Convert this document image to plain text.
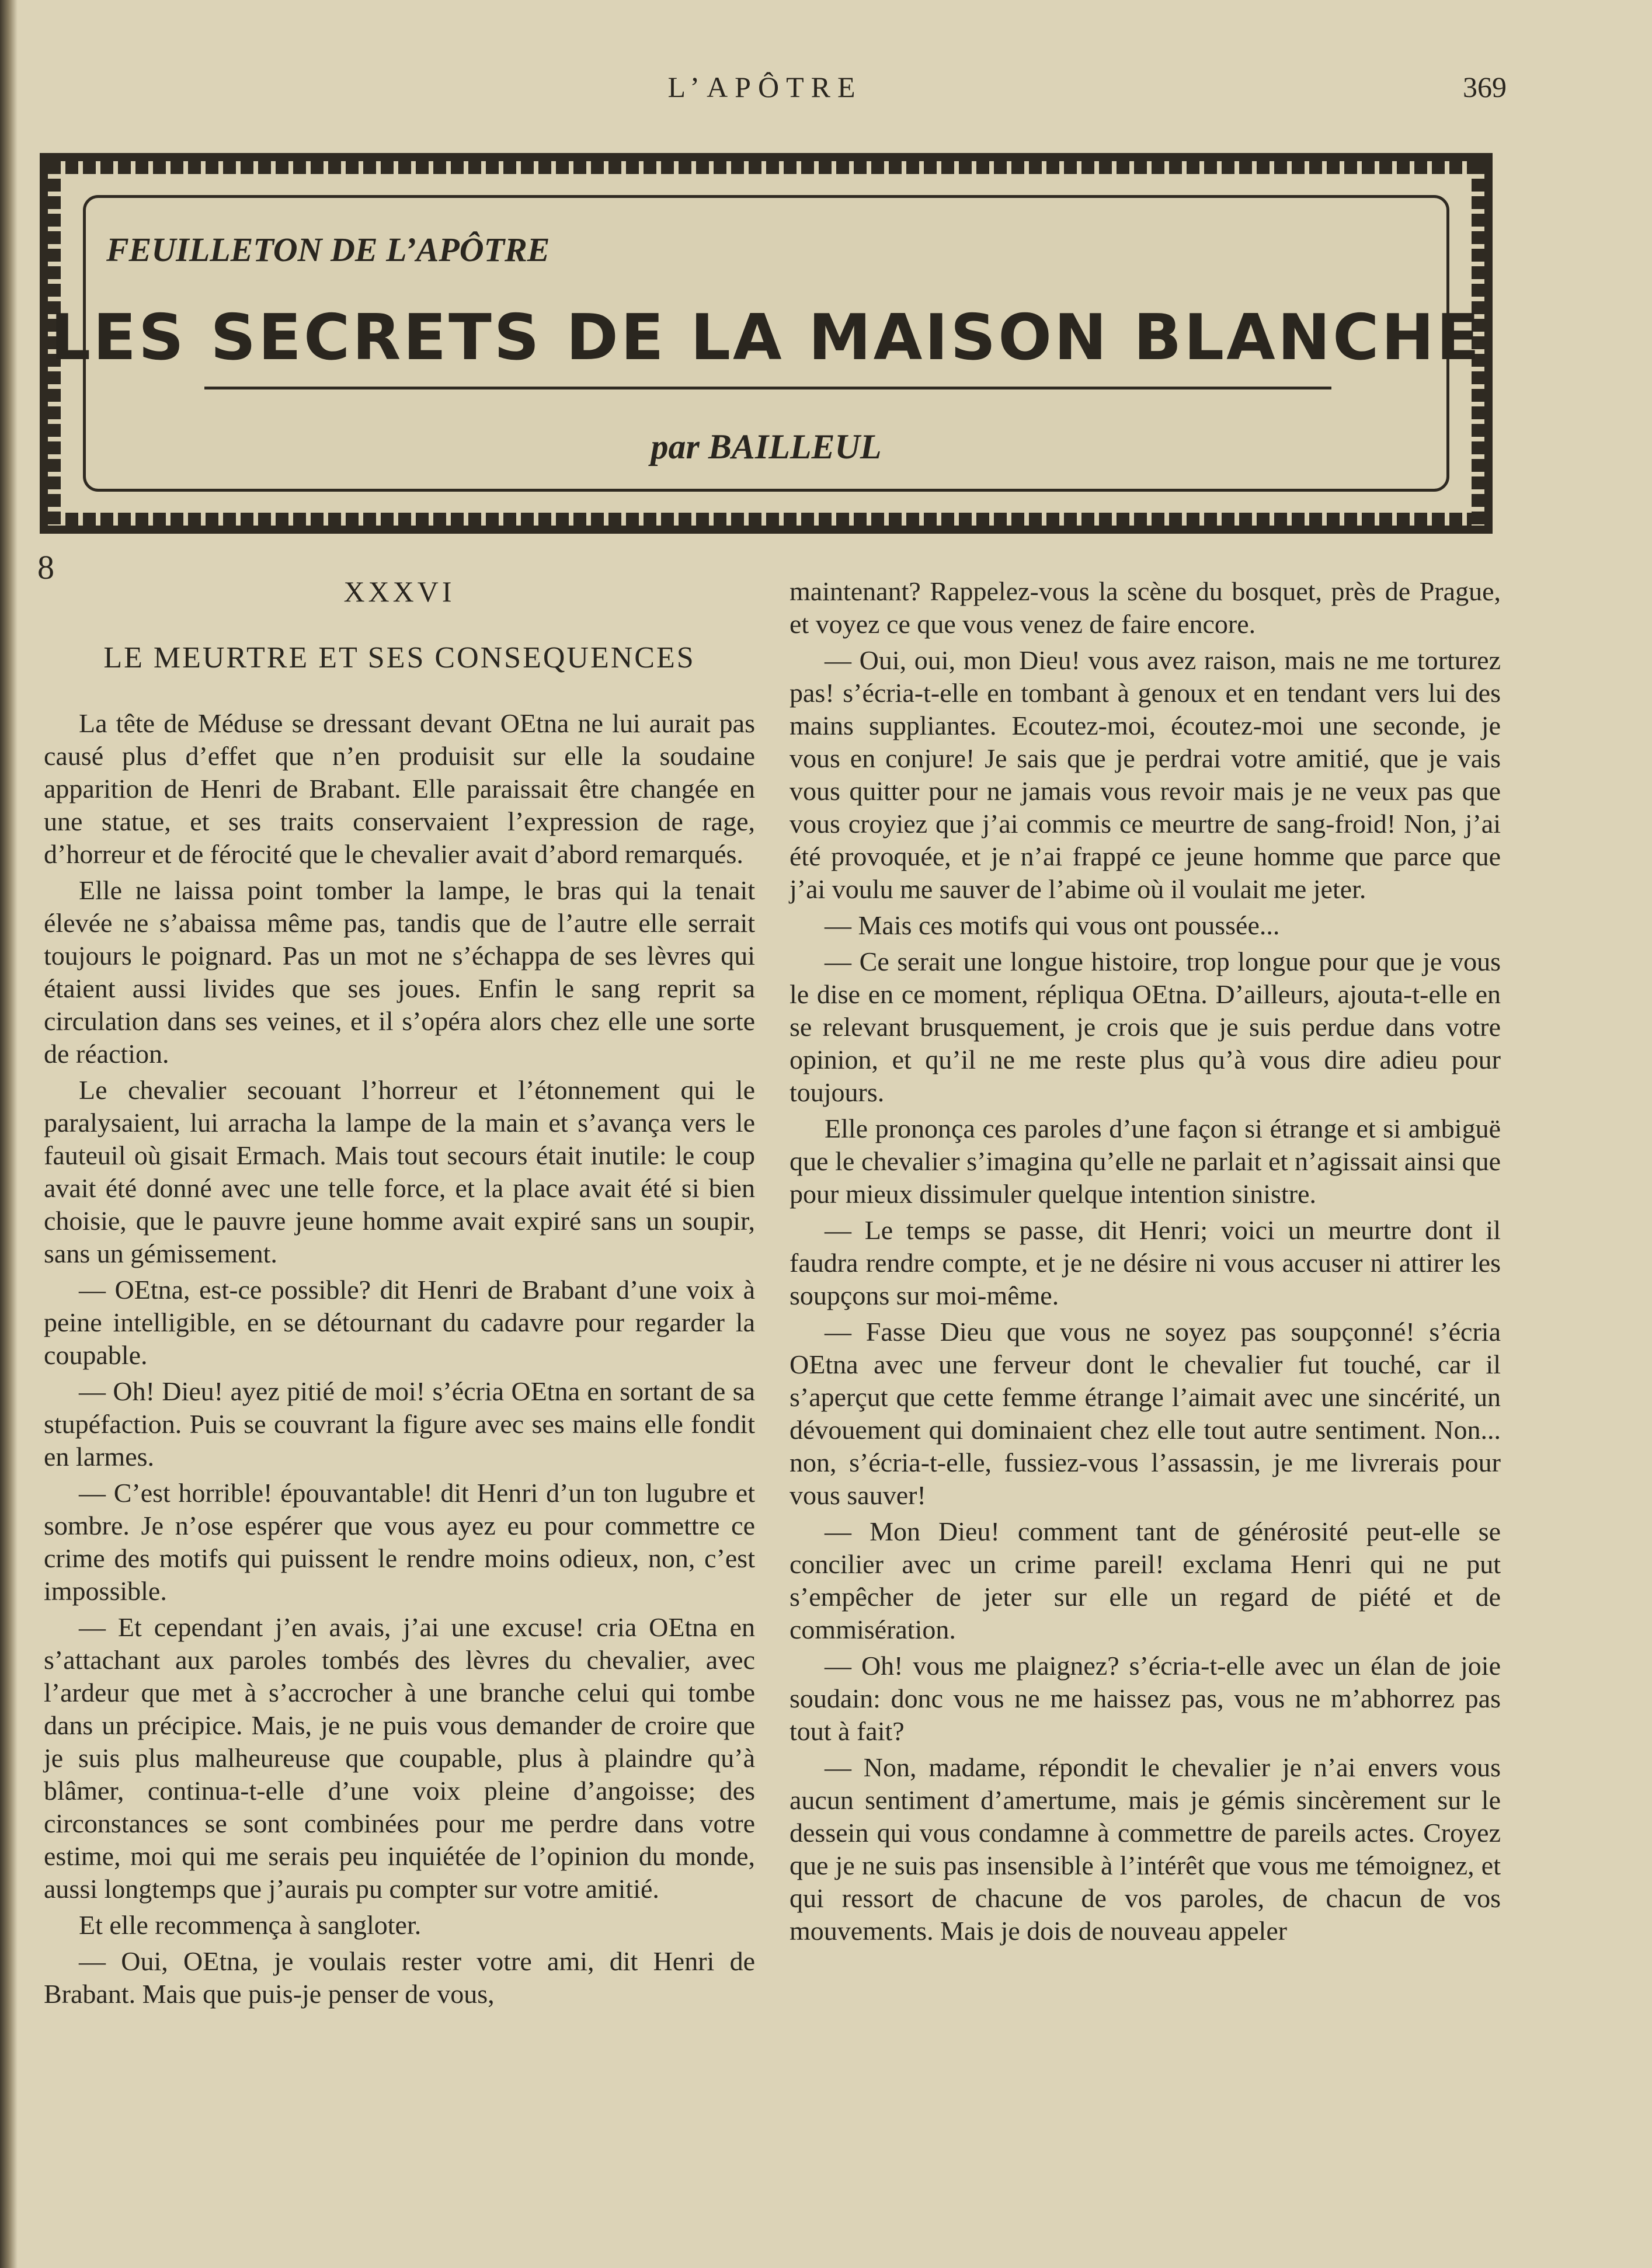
L’APÔTRE	369
FEUILLETON DE L’APÔTRE
LES SECRETS DE LA MAISON BLANCHE
par BAILLEUL
8
XXXVI
LE MEURTRE ET SES CONSEQUENCES

La tête de Méduse se dressant devant OEtna ne lui aurait pas causé plus d’effet que n’en produisit sur elle la soudaine apparition de Henri de Brabant. Elle paraissait être changée en une statue, et ses traits conservaient l’expression de rage, d’horreur et de férocité que le chevalier avait d’abord remarqués.

Elle ne laissa point tomber la lampe, le bras qui la tenait élevée ne s’abaissa même pas, tandis que de l’autre elle serrait toujours le poignard. Pas un mot ne s’échappa de ses lèvres qui étaient aussi livides que ses joues. Enfin le sang reprit sa circulation dans ses veines, et il s’opéra alors chez elle une sorte de réaction.

Le chevalier secouant l’horreur et l’étonnement qui le paralysaient, lui arracha la lampe de la main et s’avança vers le fauteuil où gisait Ermach. Mais tout secours était inutile: le coup avait été donné avec une telle force, et la place avait été si bien choisie, que le pauvre jeune homme avait expiré sans un soupir, sans un gémissement.

— OEtna, est-ce possible? dit Henri de Brabant d’une voix à peine intelligible, en se détournant du cadavre pour regarder la coupable.

— Oh! Dieu! ayez pitié de moi! s’écria OEtna en sortant de sa stupéfaction. Puis se couvrant la figure avec ses mains elle fondit en larmes.

— C’est horrible! épouvantable! dit Henri d’un ton lugubre et sombre. Je n’ose espérer que vous ayez eu pour commettre ce crime des motifs qui puissent le rendre moins odieux, non, c’est impossible.

— Et cependant j’en avais, j’ai une excuse! cria OEtna en s’attachant aux paroles tombés des lèvres du chevalier, avec l’ardeur que met à s’accrocher à une branche celui qui tombe dans un précipice. Mais, je ne puis vous demander de croire que je suis plus malheureuse que coupable, plus à plaindre qu’à blâmer, continua-t-elle d’une voix pleine d’angoisse; des circonstances se sont combinées pour me perdre dans votre estime, moi qui me serais peu inquiétée de l’opinion du monde, aussi longtemps que j’aurais pu compter sur votre amitié.

Et elle recommença à sangloter.

— Oui, OEtna, je voulais rester votre ami, dit Henri de Brabant. Mais que puis-je penser de vous,

maintenant? Rappelez-vous la scène du bosquet, près de Prague, et voyez ce que vous venez de faire encore.

— Oui, oui, mon Dieu! vous avez raison, mais ne me torturez pas! s’écria-t-elle en tombant à genoux et en tendant vers lui des mains suppliantes. Ecoutez-moi, écoutez-moi une seconde, je vous en conjure! Je sais que je perdrai votre amitié, que je vais vous quitter pour ne jamais vous revoir mais je ne veux pas que vous croyiez que j’ai commis ce meurtre de sang-froid! Non, j’ai été provoquée, et je n’ai frappé ce jeune homme que parce que j’ai voulu me sauver de l’abime où il voulait me jeter.

— Mais ces motifs qui vous ont poussée...

— Ce serait une longue histoire, trop longue pour que je vous le dise en ce moment, répliqua OEtna. D’ailleurs, ajouta-t-elle en se relevant brusquement, je crois que je suis perdue dans votre opinion, et qu’il ne me reste plus qu’à vous dire adieu pour toujours.

Elle prononça ces paroles d’une façon si étrange et si ambiguë que le chevalier s’imagina qu’elle ne parlait et n’agissait ainsi que pour mieux dissimuler quelque intention sinistre.

— Le temps se passe, dit Henri; voici un meurtre dont il faudra rendre compte, et je ne désire ni vous accuser ni attirer les soupçons sur moi-même.

— Fasse Dieu que vous ne soyez pas soupçonné! s’écria OEtna avec une ferveur dont le chevalier fut touché, car il s’aperçut que cette femme étrange l’aimait avec une sincérité, un dévouement qui dominaient chez elle tout autre sentiment. Non... non, s’écria-t-elle, fussiez-vous l’assassin, je me livrerais pour vous sauver!

— Mon Dieu! comment tant de générosité peut-elle se concilier avec un crime pareil! exclama Henri qui ne put s’empêcher de jeter sur elle un regard de piété et de commisération.

— Oh! vous me plaignez? s’écria-t-elle avec un élan de joie soudain: donc vous ne me haissez pas, vous ne m’abhorrez pas tout à fait?

— Non, madame, répondit le chevalier je n’ai envers vous aucun sentiment d’amertume, mais je gémis sincèrement sur le dessein qui vous condamne à commettre de pareils actes. Croyez que je ne suis pas insensible à l’intérêt que vous me témoignez, et qui ressort de chacune de vos paroles, de chacun de vos mouvements. Mais je dois de nouveau appeler
